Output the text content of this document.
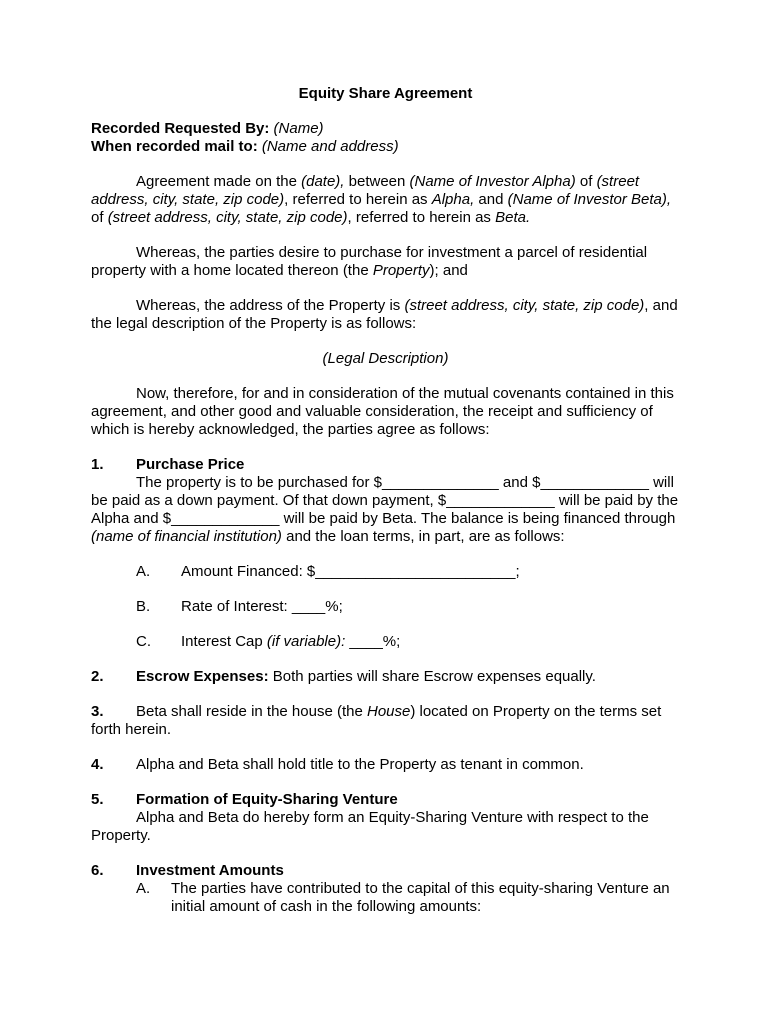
Equity Share Agreement

Recorded Requested By: (Name)
When recorded mail to: (Name and address)

Agreement made on the (date), between (Name of Investor Alpha) of (street address, city, state, zip code), referred to herein as Alpha, and (Name of Investor Beta), of (street address, city, state, zip code), referred to herein as Beta.

Whereas, the parties desire to purchase for investment a parcel of residential property with a home located thereon (the Property); and

Whereas, the address of the Property is (street address, city, state, zip code), and the legal description of the Property is as follows:

(Legal Description)

Now, therefore, for and in consideration of the mutual covenants contained in this agreement, and other good and valuable consideration, the receipt and sufficiency of which is hereby acknowledged, the parties agree as follows:

1.	Purchase Price
The property is to be purchased for $______________ and $_____________ will be paid as a down payment. Of that down payment, $_____________ will be paid by the Alpha and $_____________ will be paid by Beta. The balance is being financed through (name of financial institution) and the loan terms, in part, are as follows:
A.	Amount Financed: $________________________;
B.	Rate of Interest: ____%;
C.	Interest Cap (if variable): ____%;
2.	Escrow Expenses: Both parties will share Escrow expenses equally.
3. Beta shall reside in the house (the House) located on Property on the terms set forth herein.
4.	Alpha and Beta shall hold title to the Property as tenant in common.
5.	Formation of Equity-Sharing Venture
Alpha and Beta do hereby form an Equity-Sharing Venture with respect to the Property.
6.	Investment Amounts
A.	The parties have contributed to the capital of this equity-sharing Venture an initial amount of cash in the following amounts:
